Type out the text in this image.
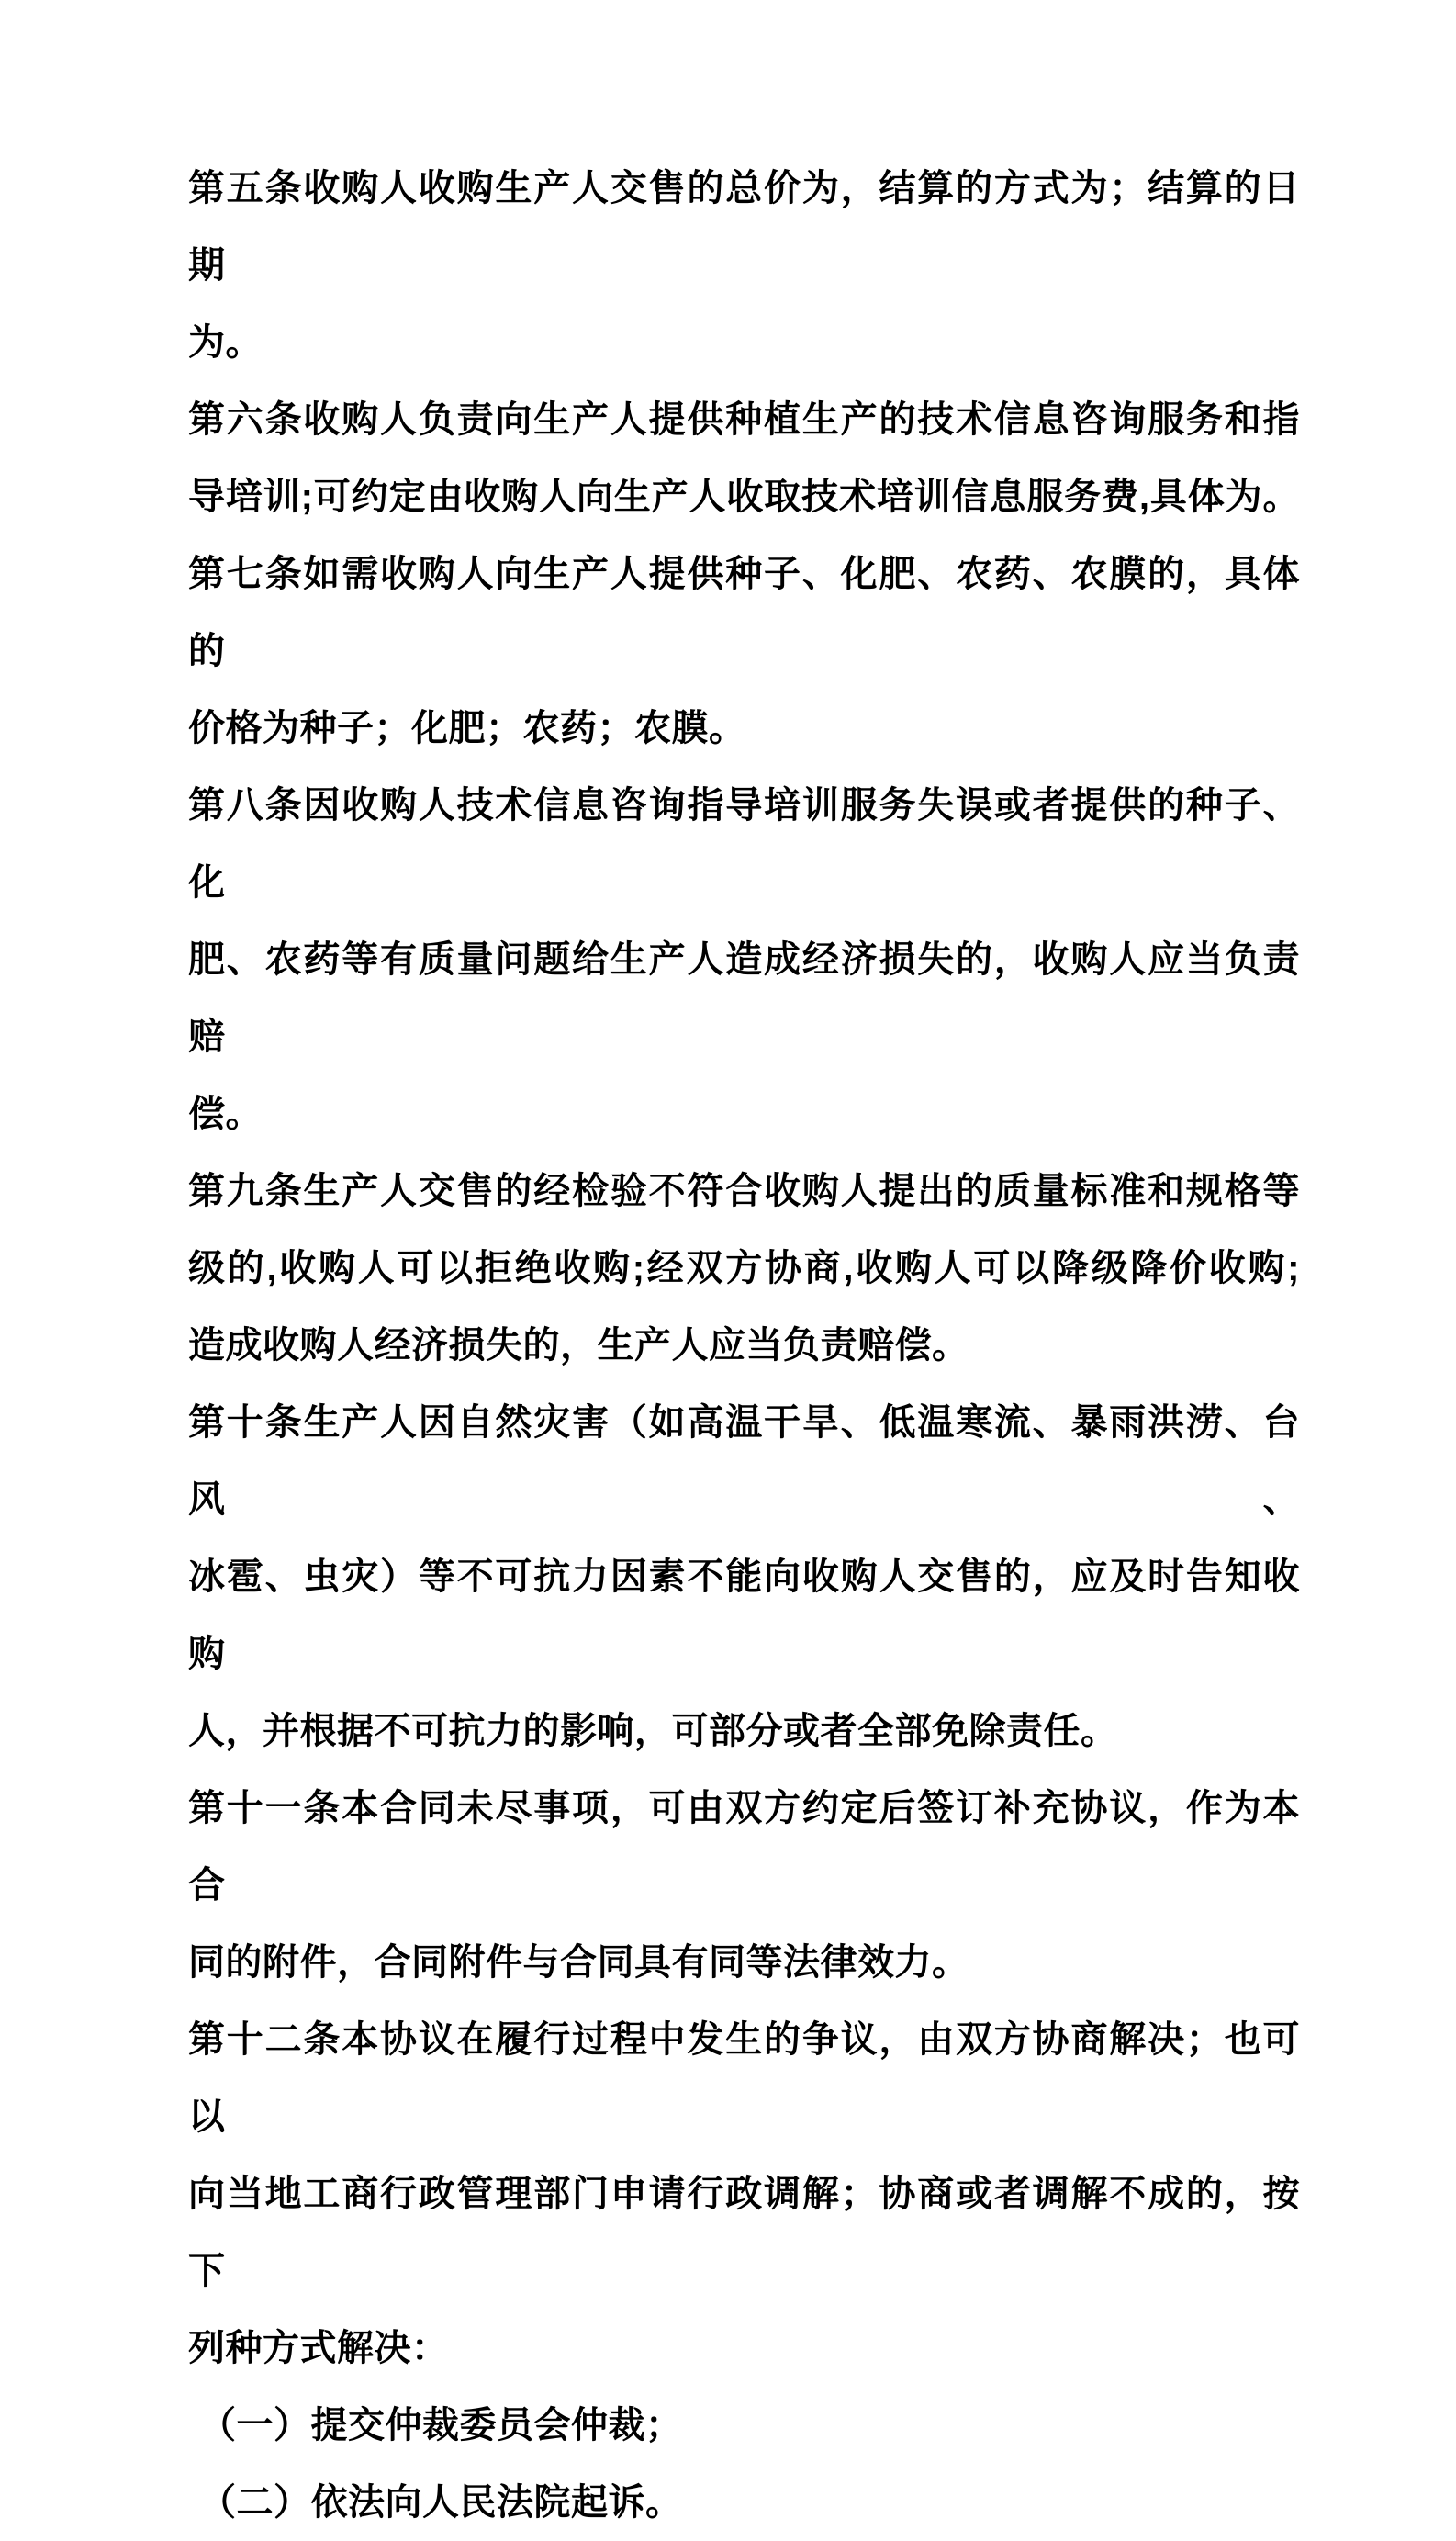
第五条收购人收购生产人交售的总价为，结算的方式为；结算的日期
为。
第六条收购人负责向生产人提供种植生产的技术信息咨询服务和指
导培训;可约定由收购人向生产人收取技术培训信息服务费,具体为。
第七条如需收购人向生产人提供种子、化肥、农药、农膜的，具体的
价格为种子；化肥；农药；农膜。
第八条因收购人技术信息咨询指导培训服务失误或者提供的种子、化
肥、农药等有质量问题给生产人造成经济损失的，收购人应当负责赔
偿。
第九条生产人交售的经检验不符合收购人提出的质量标准和规格等
级的,收购人可以拒绝收购;经双方协商,收购人可以降级降价收购;
造成收购人经济损失的，生产人应当负责赔偿。
第十条生产人因自然灾害（如高温干旱、低温寒流、暴雨洪涝、台风、
冰雹、虫灾）等不可抗力因素不能向收购人交售的，应及时告知收购
人，并根据不可抗力的影响，可部分或者全部免除责任。
第十一条本合同未尽事项，可由双方约定后签订补充协议，作为本合
同的附件，合同附件与合同具有同等法律效力。
第十二条本协议在履行过程中发生的争议，由双方协商解决；也可以
向当地工商行政管理部门申请行政调解；协商或者调解不成的，按下
列种方式解决：
（一）提交仲裁委员会仲裁；
（二）依法向人民法院起诉。
